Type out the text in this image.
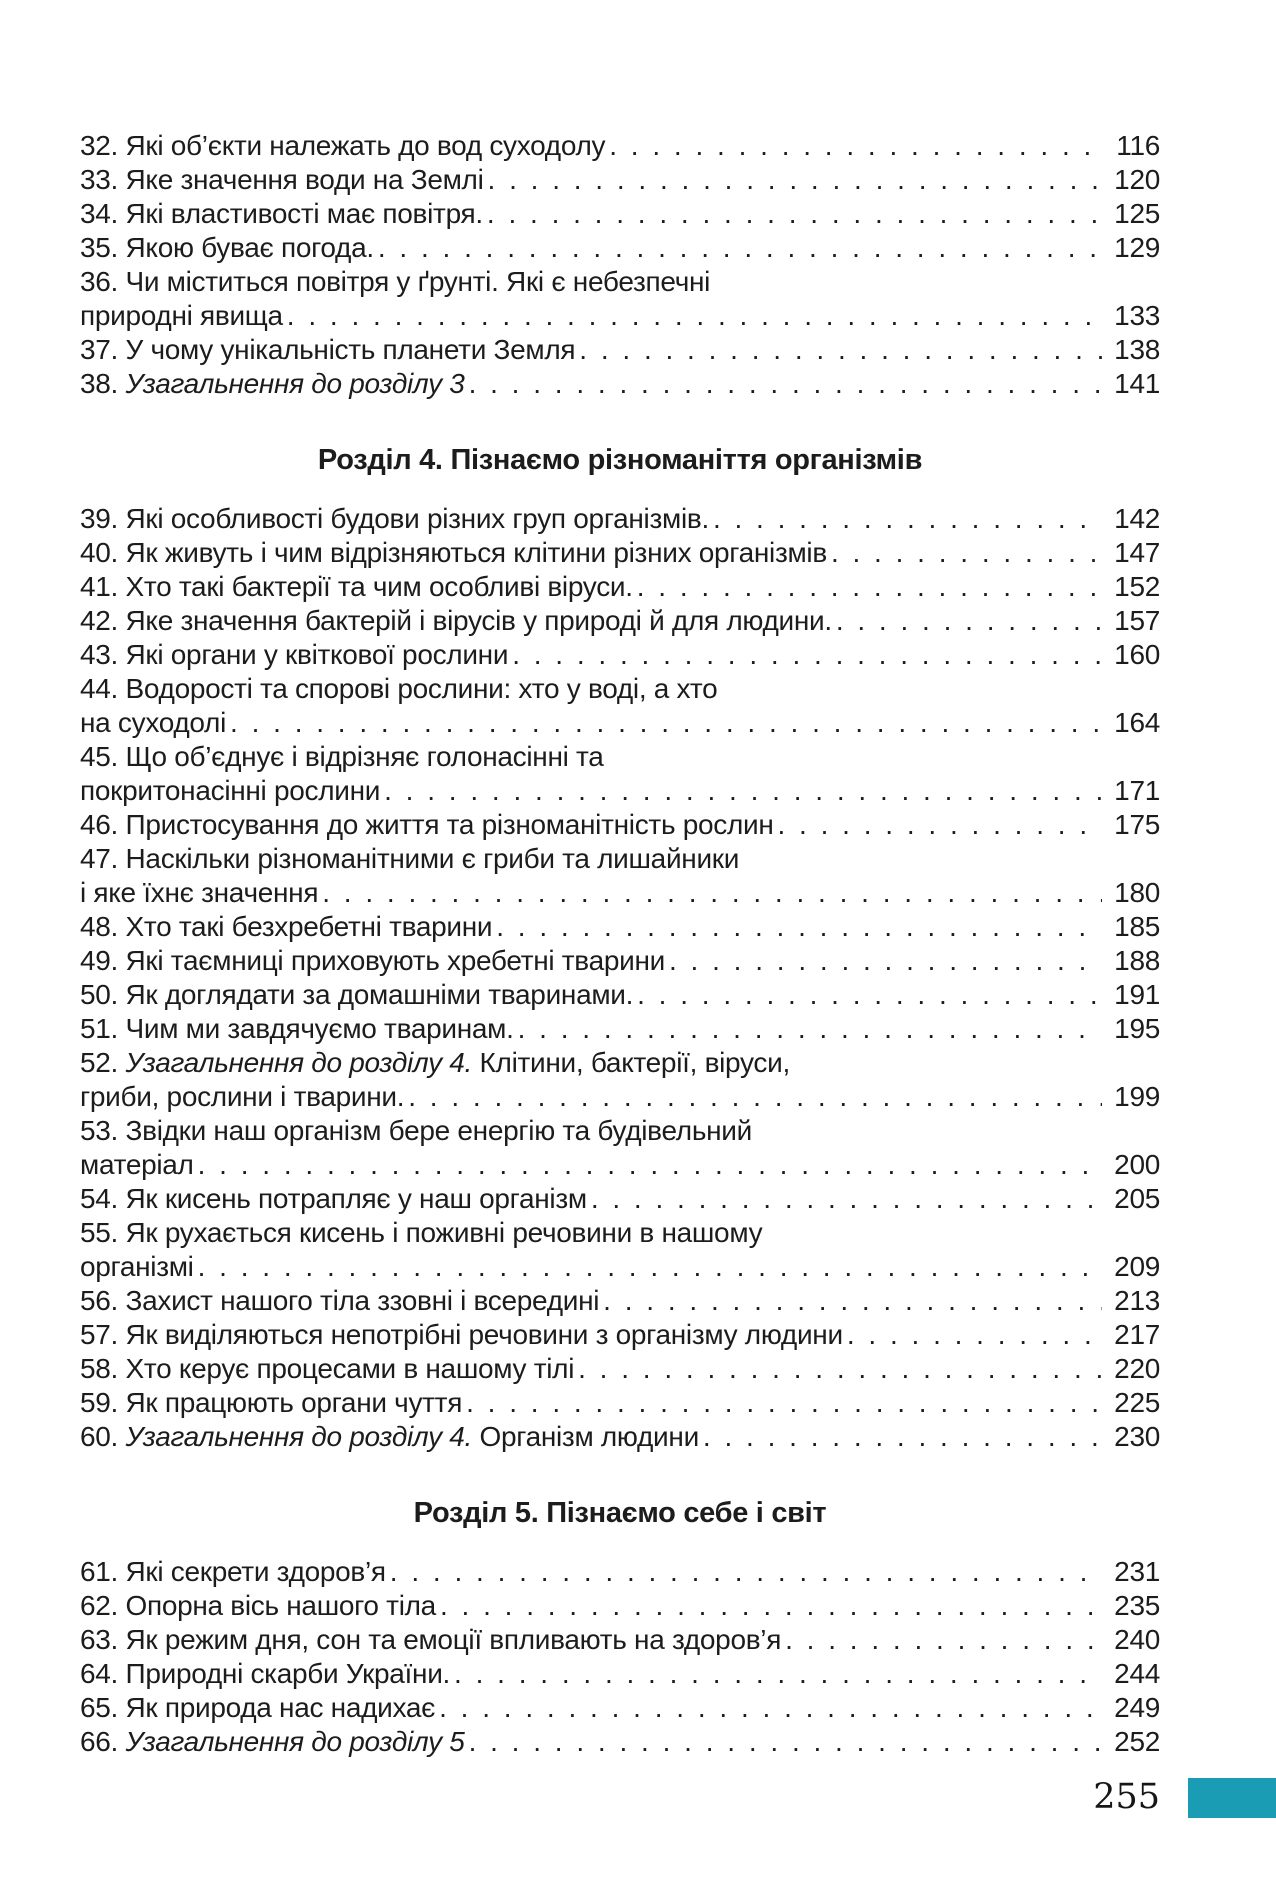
32. Які об’єкти належать до вод суходолу . . .	116
33. Яке значення води на Землі . . .	120
34. Які властивості має повітря. . . .	125
35. Якою буває погода. . . .	129
36. Чи міститься повітря у ґрунті. Які є небезпечні
природні явища . . .	133
37. У чому унікальність планети Земля . . .	138
38. Узагальнення до розділу 3 . . .	141
Розділ 4. Пізнаємо різноманіття організмів
39. Які особливості будови різних груп організмів. . . .	142
40. Як живуть і чим відрізняються клітини різних організмів . . .	147
41. Хто такі бактерії та чим особливі віруси. . . .	152
42. Яке значення бактерій і вірусів у природі й для людини. . . .	157
43. Які органи у квіткової рослини . . .	160
44. Водорості та спорові рослини: хто у воді, а хто
на суходолі . . .	164
45. Що об’єднує і відрізняє голонасінні та
покритонасінні рослини . . .	171
46. Пристосування до життя та різноманітність рослин . . .	175
47. Наскільки різноманітними є гриби та лишайники
і яке їхнє значення . . .	180
48. Хто такі безхребетні тварини . . .	185
49. Які таємниці приховують хребетні тварини . . .	188
50. Як доглядати за домашніми тваринами. . . .	191
51. Чим ми завдячуємо тваринам. . . .	195
52. Узагальнення до розділу 4. Клітини, бактерії, віруси,
гриби, рослини і тварини. . . .	199
53. Звідки наш організм бере енергію та будівельний
матеріал . . .	200
54. Як кисень потрапляє у наш організм . . .	205
55. Як рухається кисень і поживні речовини в нашому
організмі . . .	209
56. Захист нашого тіла ззовні і всередині . . .	213
57. Як виділяються непотрібні речовини з організму людини . . .	217
58. Хто керує процесами в нашому тілі . . .	220
59. Як працюють органи чуття . . .	225
60. Узагальнення до розділу 4. Організм людини . . .	230
Розділ 5. Пізнаємо себе і світ
61. Які секрети здоров’я . . .	231
62. Опорна вісь нашого тіла . . .	235
63. Як режим дня, сон та емоції впливають на здоров’я . . .	240
64. Природні скарби України. . . .	244
65. Як природа нас надихає . . .	249
66. Узагальнення до розділу 5 . . .	252
255
